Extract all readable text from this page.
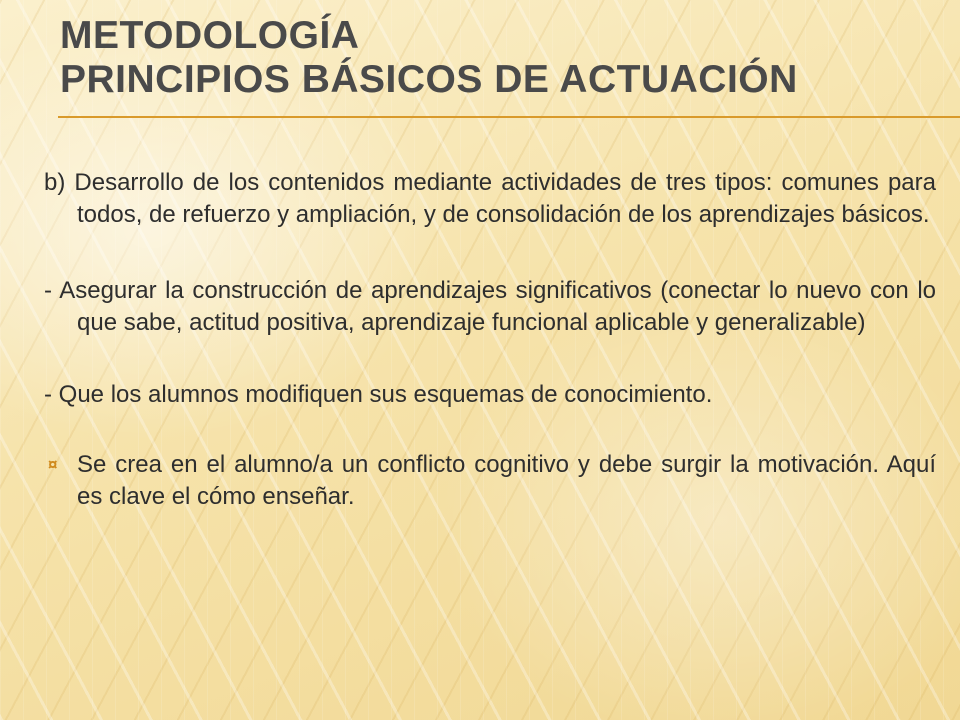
METODOLOGÍA
PRINCIPIOS BÁSICOS DE ACTUACIÓN

b) Desarrollo de los contenidos mediante actividades de tres tipos: comunes para todos, de refuerzo y ampliación, y de consolidación de los aprendizajes básicos.

- Asegurar la construcción de aprendizajes significativos (conectar lo nuevo con lo que sabe, actitud positiva, aprendizaje funcional aplicable y generalizable)

- Que los alumnos modifiquen sus esquemas de conocimiento.

¤ Se crea en el alumno/a un conflicto cognitivo y debe surgir la motivación. Aquí es clave el cómo enseñar.
